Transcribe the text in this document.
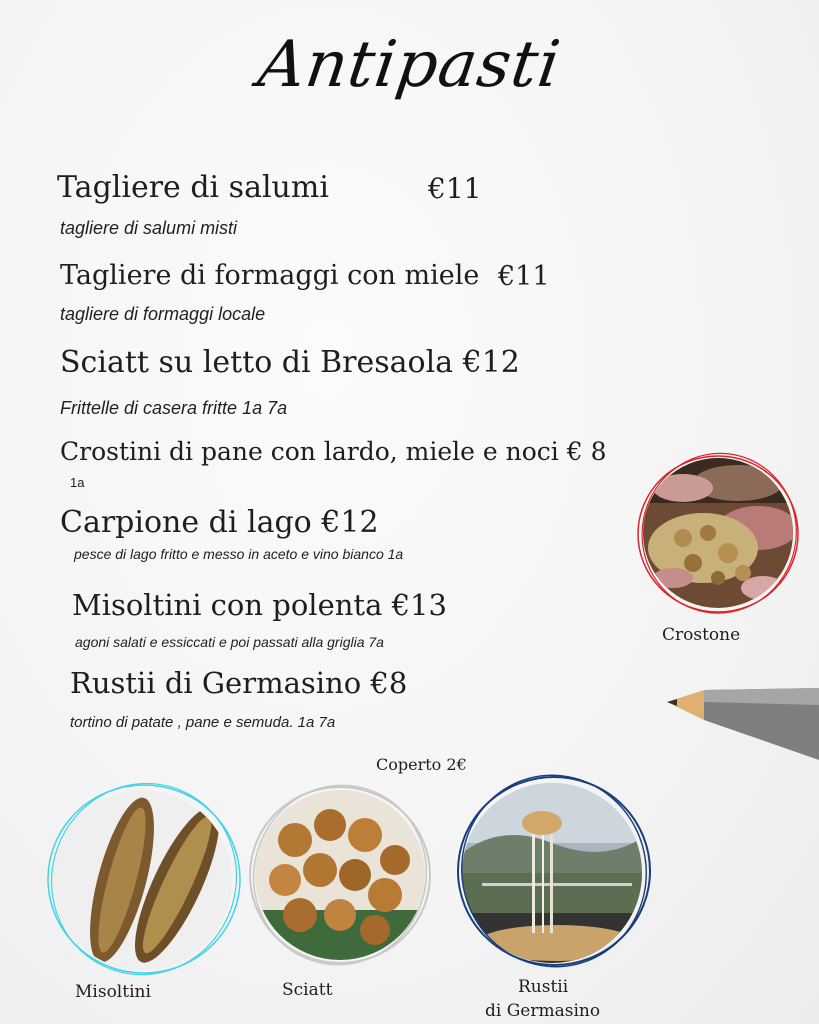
Antipasti
Tagliere di salumi	€11
tagliere di salumi misti
Tagliere di formaggi con miele €11
tagliere di formaggi locale
Sciatt su letto di Bresaola €12
Frittelle di casera fritte 1a 7a
Crostini di pane con lardo, miele e noci € 8
1a
Carpione di lago €12
pesce di lago fritto e messo in aceto e vino bianco 1a
Misoltini con polenta €13
agoni salati e essiccati e poi passati alla griglia 7a
Rustii di Germasino €8
tortino di patate , pane e semuda. 1a 7a
Coperto 2€
Crostone
Misoltini	Sciatt	Rustii
di Germasino
